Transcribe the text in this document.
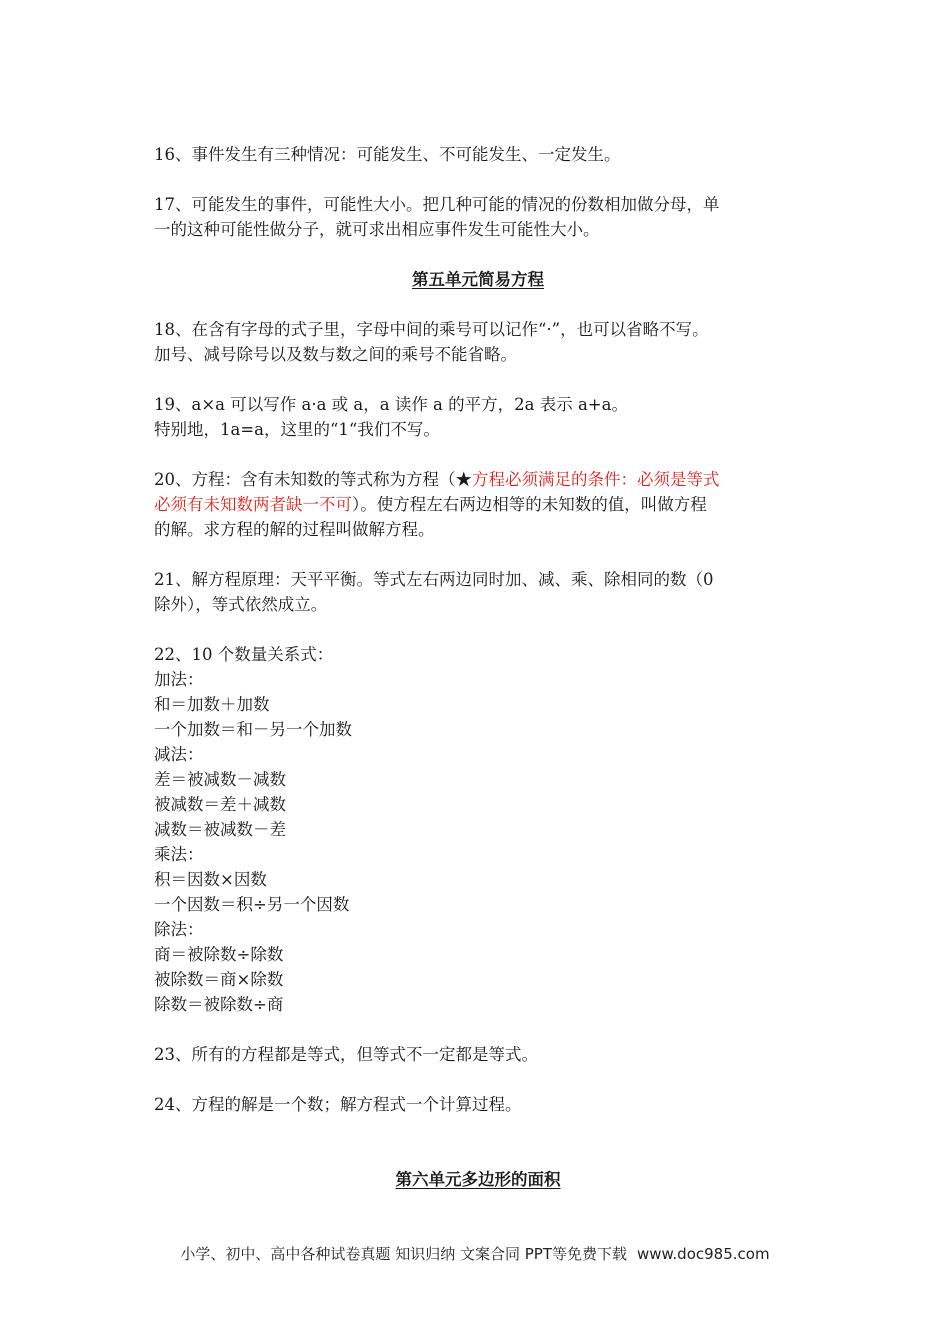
16、事件发生有三种情况：可能发生、不可能发生、一定发生。
17、可能发生的事件，可能性大小。把几种可能的情况的份数相加做分母，单
一的这种可能性做分子，就可求出相应事件发生可能性大小。
第五单元简易方程
18、在含有字母的式子里，字母中间的乘号可以记作“·”，也可以省略不写。
加号、减号除号以及数与数之间的乘号不能省略。
19、a×a 可以写作 a·a 或 a，a 读作 a 的平方，2a 表示 a+a。
特别地，1a=a，这里的“1“我们不写。
20、方程：含有未知数的等式称为方程（★方程必须满足的条件：必须是等式
必须有未知数两者缺一不可）。使方程左右两边相等的未知数的值，叫做方程
的解。求方程的解的过程叫做解方程。
21、解方程原理：天平平衡。等式左右两边同时加、减、乘、除相同的数（0
除外），等式依然成立。
22、10 个数量关系式：
加法：
和＝加数＋加数
一个加数＝和－另一个加数
减法：
差＝被减数－减数
被减数＝差＋减数
减数＝被减数－差
乘法：
积＝因数×因数
一个因数＝积÷另一个因数
除法：
商＝被除数÷除数
被除数＝商×除数
除数＝被除数÷商
23、所有的方程都是等式，但等式不一定都是等式。
24、方程的解是一个数；解方程式一个计算过程。
第六单元多边形的面积
小学、初中、高中各种试卷真题 知识归纳 文案合同 PPT等免费下载 www.doc985.com
